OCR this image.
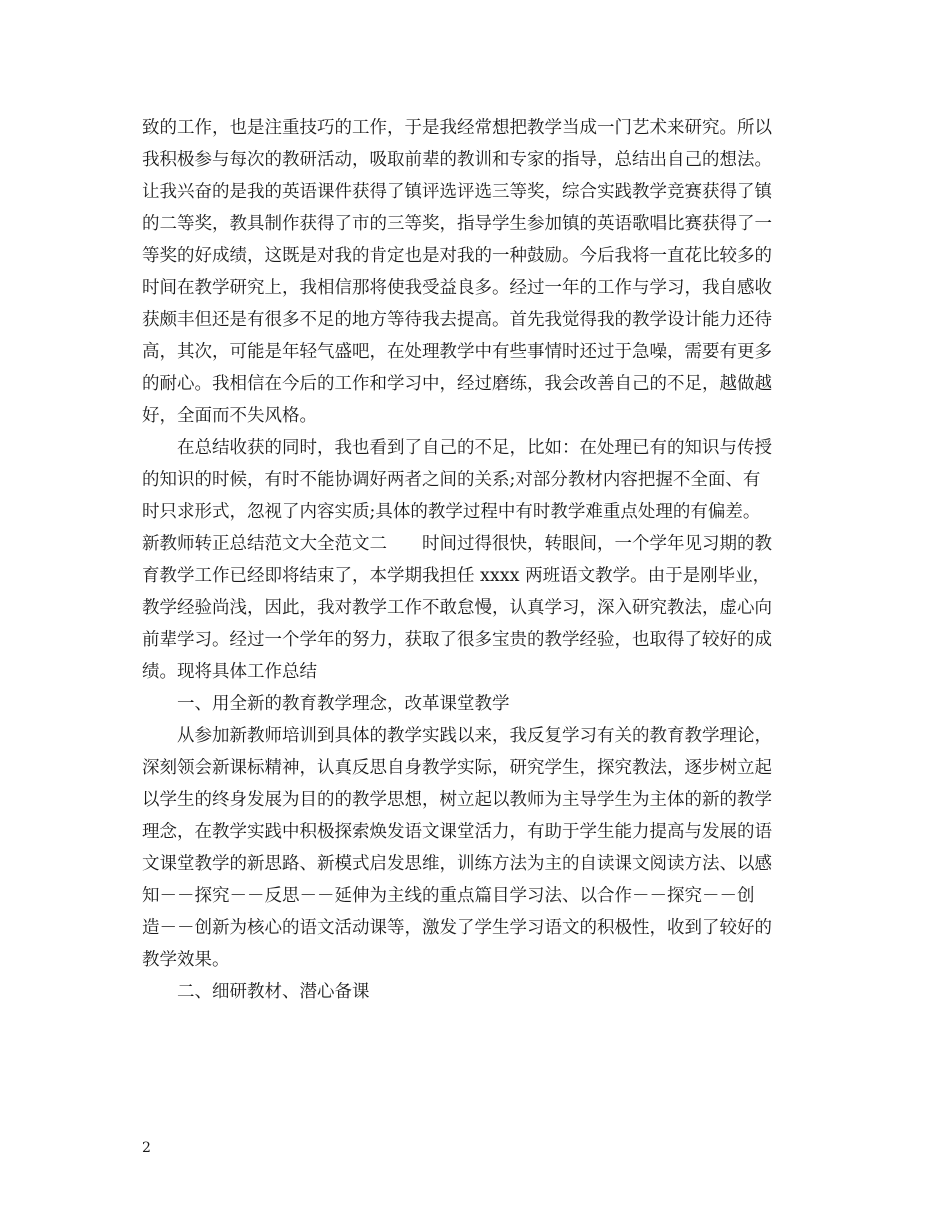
致的工作，也是注重技巧的工作，于是我经常想把教学当成一门艺术来研究。所以
我积极参与每次的教研活动，吸取前辈的教训和专家的指导，总结出自己的想法。
让我兴奋的是我的英语课件获得了镇评选评选三等奖，综合实践教学竞赛获得了镇
的二等奖，教具制作获得了市的三等奖，指导学生参加镇的英语歌唱比赛获得了一
等奖的好成绩，这既是对我的肯定也是对我的一种鼓励。今后我将一直花比较多的
时间在教学研究上，我相信那将使我受益良多。经过一年的工作与学习，我自感收
获颇丰但还是有很多不足的地方等待我去提高。首先我觉得我的教学设计能力还待
高，其次，可能是年轻气盛吧，在处理教学中有些事情时还过于急噪，需要有更多
的耐心。我相信在今后的工作和学习中，经过磨练，我会改善自己的不足，越做越
好，全面而不失风格。
在总结收获的同时，我也看到了自己的不足，比如：在处理已有的知识与传授
的知识的时候，有时不能协调好两者之间的关系;对部分教材内容把握不全面、有
时只求形式，忽视了内容实质;具体的教学过程中有时教学难重点处理的有偏差。
新教师转正总结范文大全范文二　　时间过得很快，转眼间，一个学年见习期的教
育教学工作已经即将结束了，本学期我担任 xxxx 两班语文教学。由于是刚毕业，
教学经验尚浅，因此，我对教学工作不敢怠慢，认真学习，深入研究教法，虚心向
前辈学习。经过一个学年的努力，获取了很多宝贵的教学经验，也取得了较好的成
绩。现将具体工作总结
一、用全新的教育教学理念，改革课堂教学
从参加新教师培训到具体的教学实践以来，我反复学习有关的教育教学理论，
深刻领会新课标精神，认真反思自身教学实际，研究学生，探究教法，逐步树立起
以学生的终身发展为目的的教学思想，树立起以教师为主导学生为主体的新的教学
理念，在教学实践中积极探索焕发语文课堂活力，有助于学生能力提高与发展的语
文课堂教学的新思路、新模式启发思维，训练方法为主的自读课文阅读方法、以感
知－－探究－－反思－－延伸为主线的重点篇目学习法、以合作－－探究－－创
造－－创新为核心的语文活动课等，激发了学生学习语文的积极性，收到了较好的
教学效果。
二、细研教材、潜心备课
2
